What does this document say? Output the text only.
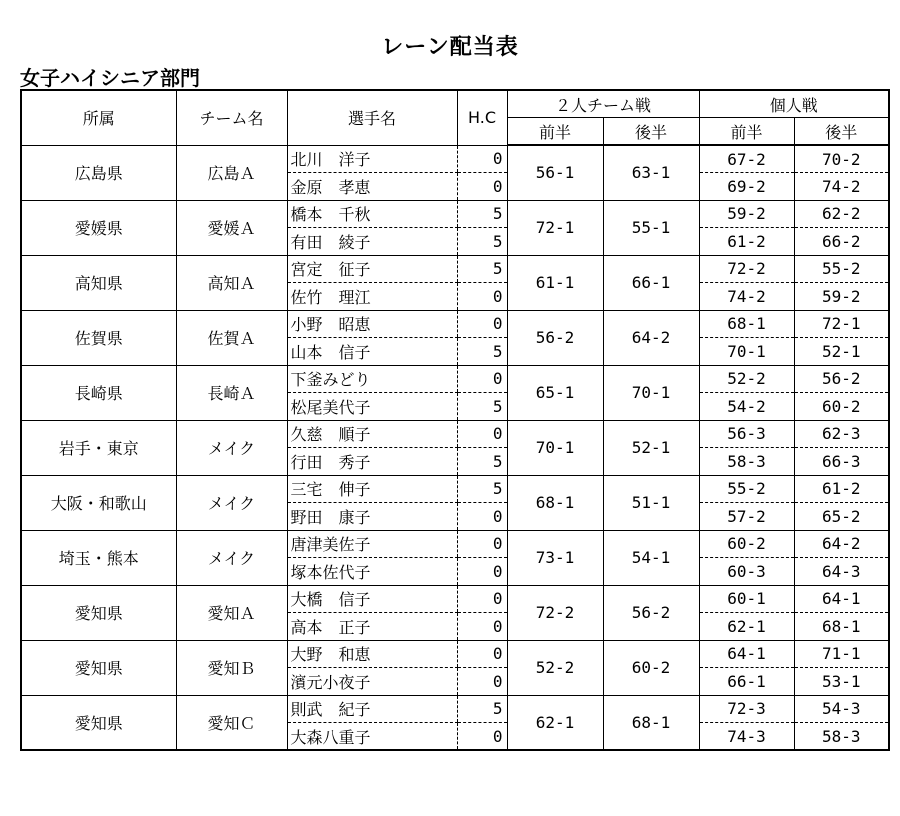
レーン配当表
女子ハイシニア部門
所属	チーム名	選手名	H.C	２人チーム戦		個人戦	
				前半	後半	前半	後半
広島県	広島Ａ	北川　洋子	0	56-1	63-1	67-2	70-2
		金原　孝恵	0			69-2	74-2
愛媛県	愛媛Ａ	橋本　千秋	5	72-1	55-1	59-2	62-2
		有田　綾子	5			61-2	66-2
高知県	高知Ａ	宮定　征子	5	61-1	66-1	72-2	55-2
		佐竹　理江	0			74-2	59-2
佐賀県	佐賀Ａ	小野　昭恵	0	56-2	64-2	68-1	72-1
		山本　信子	5			70-1	52-1
長崎県	長崎Ａ	下釜みどり	0	65-1	70-1	52-2	56-2
		松尾美代子	5			54-2	60-2
岩手・東京	メイク	久慈　順子	0	70-1	52-1	56-3	62-3
		行田　秀子	5			58-3	66-3
大阪・和歌山	メイク	三宅　伸子	5	68-1	51-1	55-2	61-2
		野田　康子	0			57-2	65-2
埼玉・熊本	メイク	唐津美佐子	0	73-1	54-1	60-2	64-2
		塚本佐代子	0			60-3	64-3
愛知県	愛知Ａ	大橋　信子	0	72-2	56-2	60-1	64-1
		高本　正子	0			62-1	68-1
愛知県	愛知Ｂ	大野　和恵	0	52-2	60-2	64-1	71-1
		濱元小夜子	0			66-1	53-1
愛知県	愛知Ｃ	則武　紀子	5	62-1	68-1	72-3	54-3
		大森八重子	0			74-3	58-3
